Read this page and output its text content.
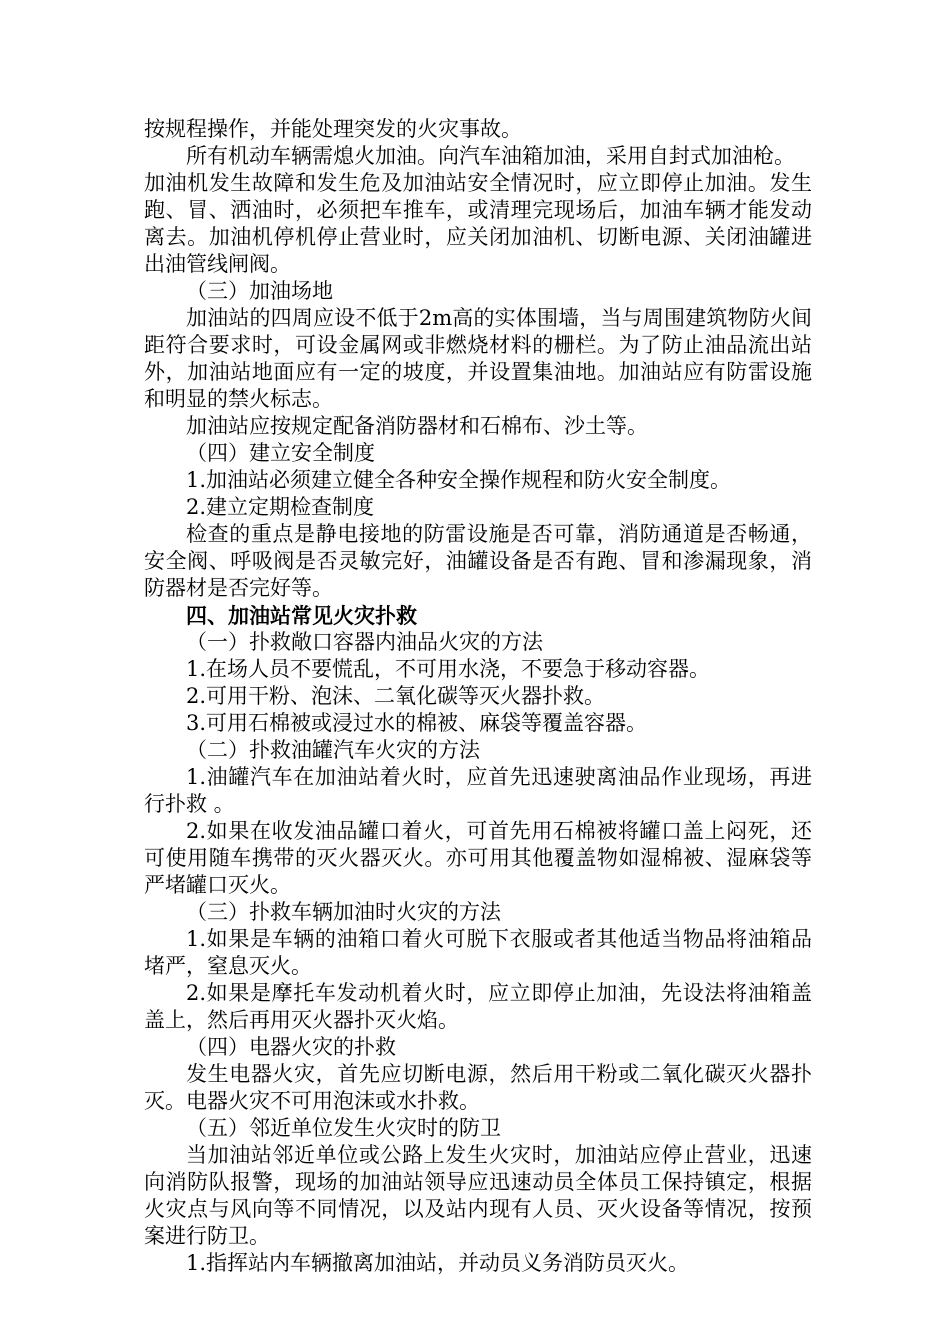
按规程操作，并能处理突发的火灾事故。

所有机动车辆需熄火加油。向汽车油箱加油，采用自封式加油枪。

加油机发生故障和发生危及加油站安全情况时，应立即停止加油。发生跑、冒、洒油时，必须把车推车，或清理完现场后，加油车辆才能发动离去。加油机停机停止营业时，应关闭加油机、切断电源、关闭油罐进出油管线闸阀。

（三）加油场地

加油站的四周应设不低于2m高的实体围墙，当与周围建筑物防火间距符合要求时，可设金属网或非燃烧材料的栅栏。为了防止油品流出站外，加油站地面应有一定的坡度，并设置集油地。加油站应有防雷设施和明显的禁火标志。

加油站应按规定配备消防器材和石棉布、沙土等。

（四）建立安全制度

1.加油站必须建立健全各种安全操作规程和防火安全制度。

2.建立定期检查制度

检查的重点是静电接地的防雷设施是否可靠，消防通道是否畅通，安全阀、呼吸阀是否灵敏完好，油罐设备是否有跑、冒和渗漏现象，消防器材是否完好等。

四、加油站常见火灾扑救

（一）扑救敞口容器内油品火灾的方法

1.在场人员不要慌乱，不可用水浇，不要急于移动容器。

2.可用干粉、泡沫、二氧化碳等灭火器扑救。

3.可用石棉被或浸过水的棉被、麻袋等覆盖容器。

（二）扑救油罐汽车火灾的方法

1.油罐汽车在加油站着火时，应首先迅速驶离油品作业现场，再进行扑救 。

2.如果在收发油品罐口着火，可首先用石棉被将罐口盖上闷死，还可使用随车携带的灭火器灭火。亦可用其他覆盖物如湿棉被、湿麻袋等严堵罐口灭火。

（三）扑救车辆加油时火灾的方法

1.如果是车辆的油箱口着火可脱下衣服或者其他适当物品将油箱品堵严，窒息灭火。

2.如果是摩托车发动机着火时，应立即停止加油，先设法将油箱盖盖上，然后再用灭火器扑灭火焰。

（四）电器火灾的扑救

发生电器火灾，首先应切断电源，然后用干粉或二氧化碳灭火器扑灭。电器火灾不可用泡沫或水扑救。

（五）邻近单位发生火灾时的防卫

当加油站邻近单位或公路上发生火灾时，加油站应停止营业，迅速向消防队报警，现场的加油站领导应迅速动员全体员工保持镇定，根据火灾点与风向等不同情况，以及站内现有人员、灭火设备等情况，按预案进行防卫。

1.指挥站内车辆撤离加油站，并动员义务消防员灭火。
